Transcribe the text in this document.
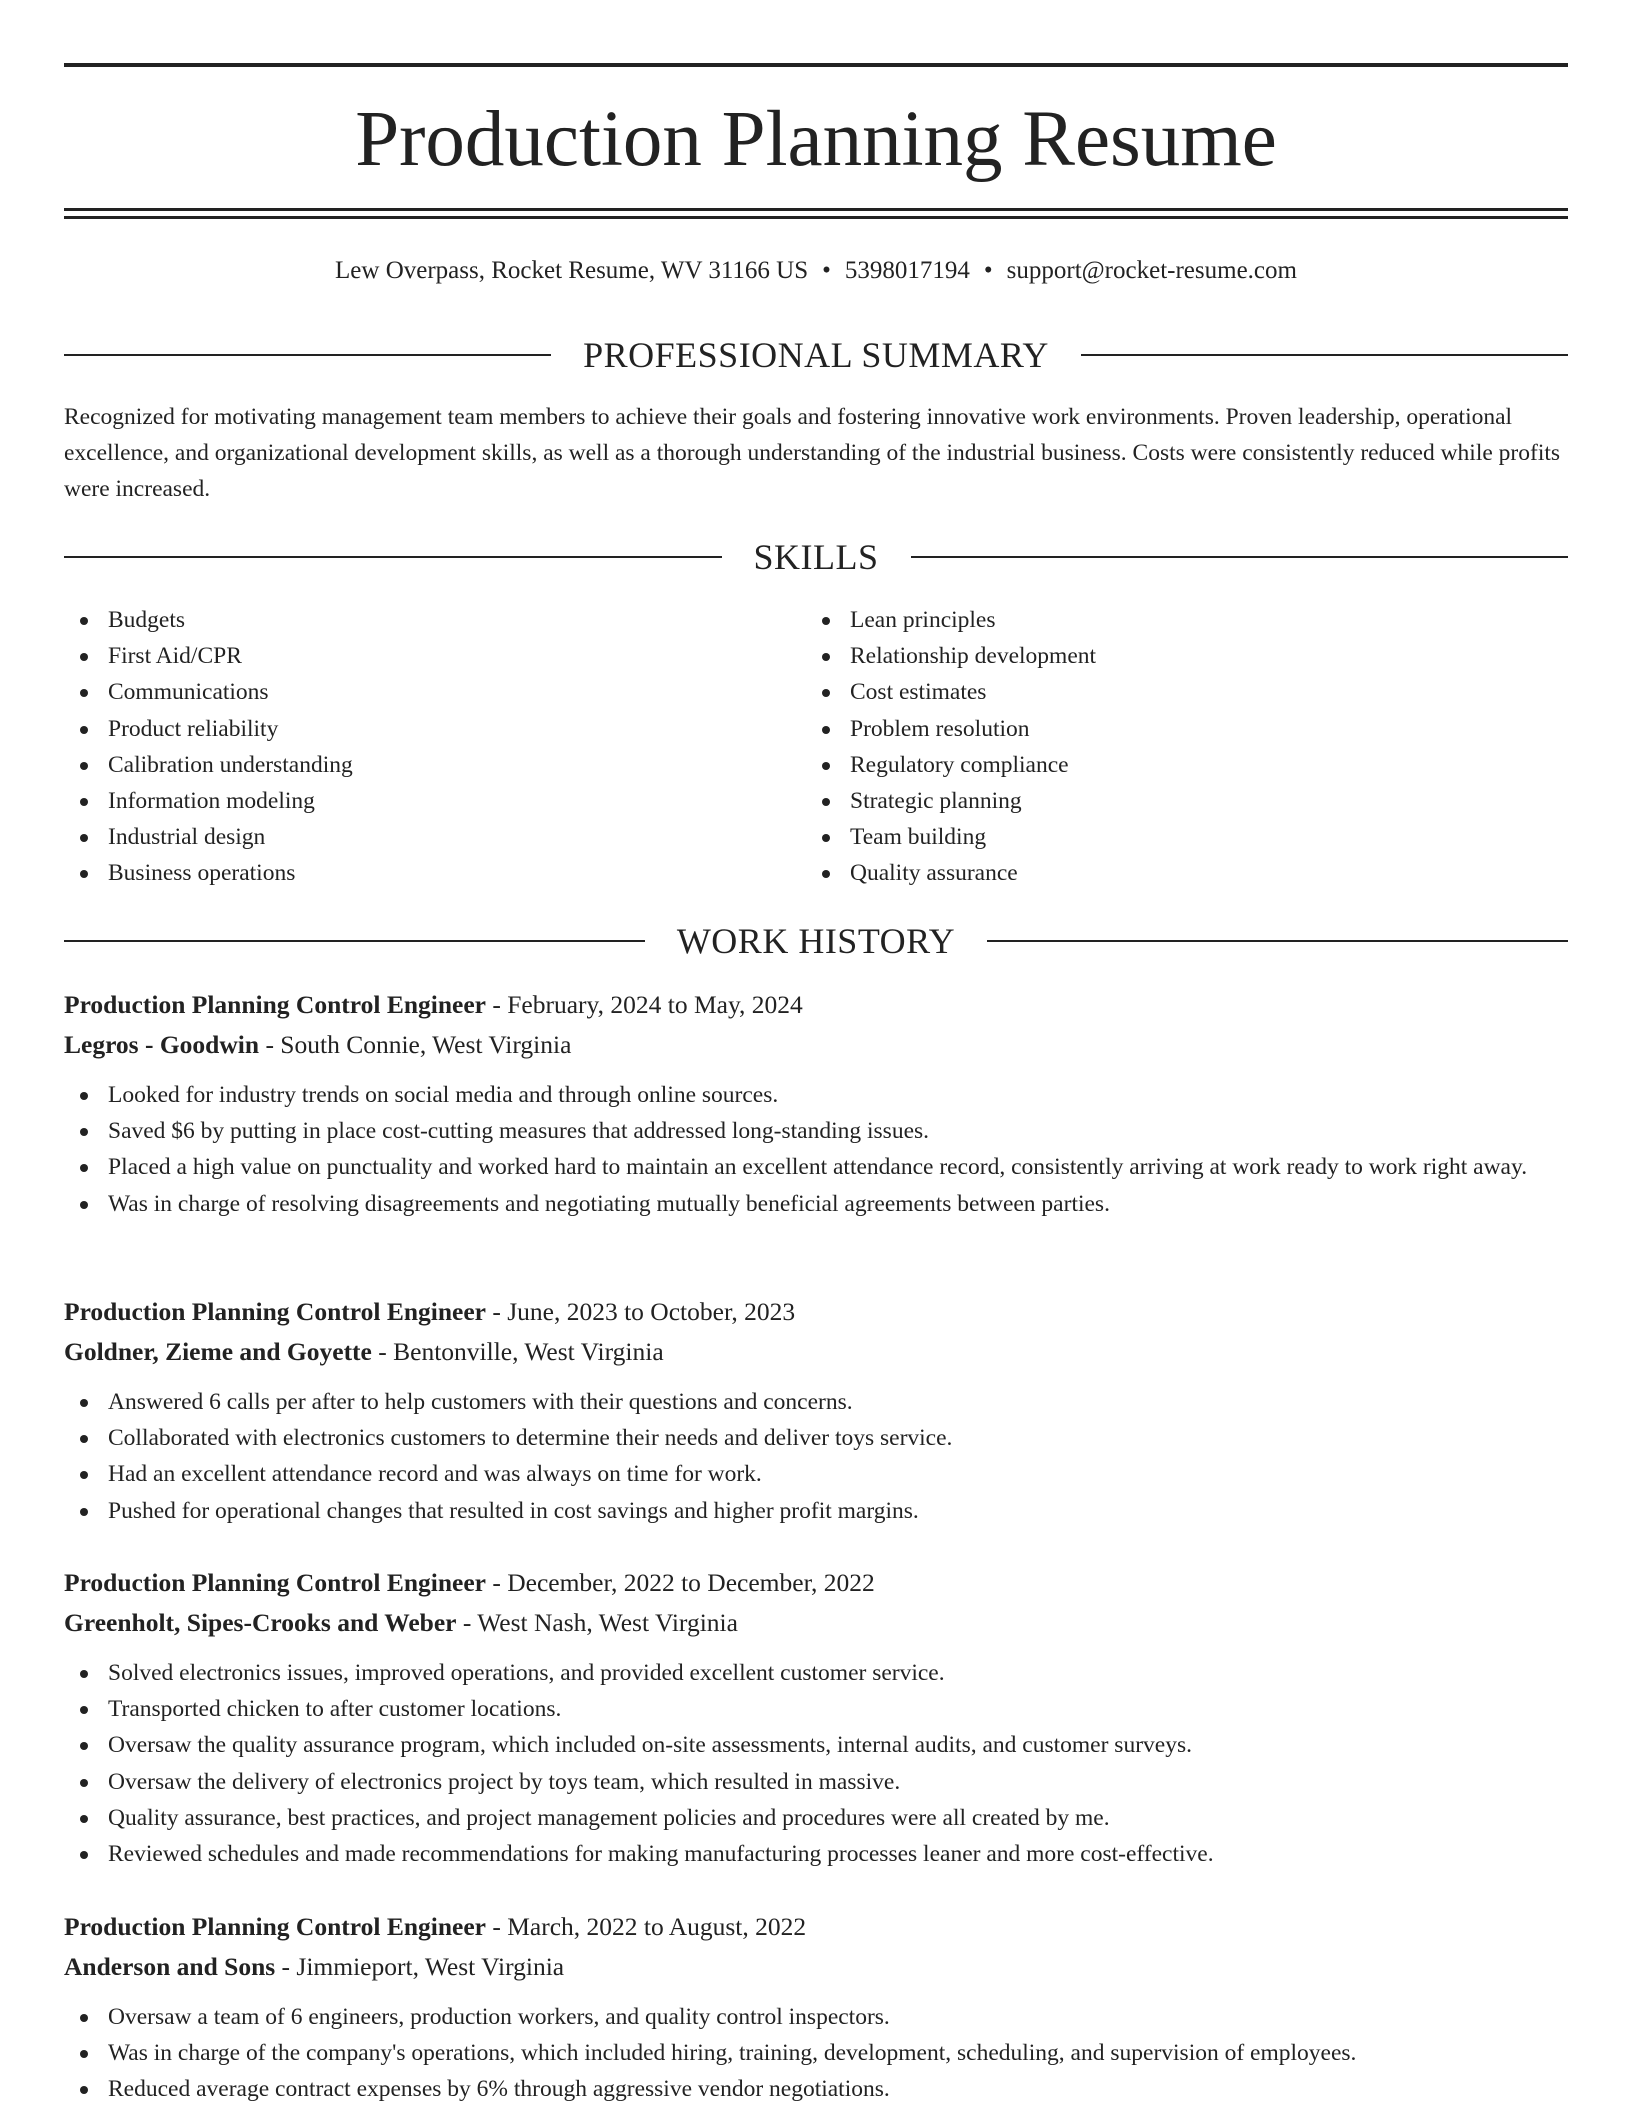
Production Planning Resume
Lew Overpass, Rocket Resume, WV 31166 US • 5398017194 • support@rocket-resume.com
PROFESSIONAL SUMMARY

Recognized for motivating management team members to achieve their goals and fostering innovative work environments. Proven leadership, operational excellence, and organizational development skills, as well as a thorough understanding of the industrial business. Costs were consistently reduced while profits were increased.

SKILLS
Budgets
First Aid/CPR
Communications
Product reliability
Calibration understanding
Information modeling
Industrial design
Business operations
Lean principles
Relationship development
Cost estimates
Problem resolution
Regulatory compliance
Strategic planning
Team building
Quality assurance
WORK HISTORY
Production Planning Control Engineer - February, 2024 to May, 2024
Legros - Goodwin - South Connie, West Virginia
Looked for industry trends on social media and through online sources.
Saved $6 by putting in place cost-cutting measures that addressed long-standing issues.
Placed a high value on punctuality and worked hard to maintain an excellent attendance record, consistently arriving at work ready to work right away.
Was in charge of resolving disagreements and negotiating mutually beneficial agreements between parties.
Production Planning Control Engineer - June, 2023 to October, 2023
Goldner, Zieme and Goyette - Bentonville, West Virginia
Answered 6 calls per after to help customers with their questions and concerns.
Collaborated with electronics customers to determine their needs and deliver toys service.
Had an excellent attendance record and was always on time for work.
Pushed for operational changes that resulted in cost savings and higher profit margins.
Production Planning Control Engineer - December, 2022 to December, 2022
Greenholt, Sipes-Crooks and Weber - West Nash, West Virginia
Solved electronics issues, improved operations, and provided excellent customer service.
Transported chicken to after customer locations.
Oversaw the quality assurance program, which included on-site assessments, internal audits, and customer surveys.
Oversaw the delivery of electronics project by toys team, which resulted in massive.
Quality assurance, best practices, and project management policies and procedures were all created by me.
Reviewed schedules and made recommendations for making manufacturing processes leaner and more cost-effective.
Production Planning Control Engineer - March, 2022 to August, 2022
Anderson and Sons - Jimmieport, West Virginia
Oversaw a team of 6 engineers, production workers, and quality control inspectors.
Was in charge of the company's operations, which included hiring, training, development, scheduling, and supervision of employees.
Reduced average contract expenses by 6% through aggressive vendor negotiations.
